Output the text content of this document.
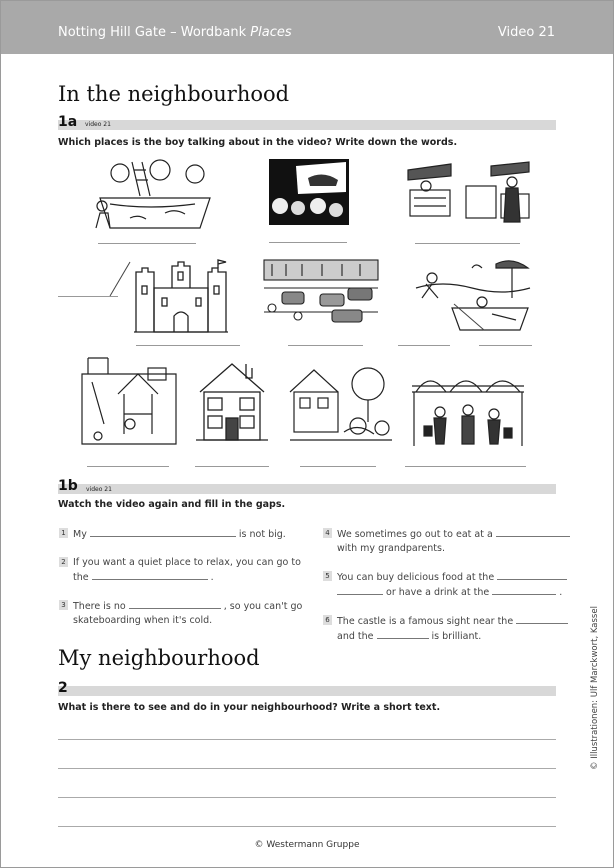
Notting Hill Gate – Wordbank Places	Video 21
In the neighbourhood
1a video 21
Which places is the boy talking about in the video? Write down the words.
1b video 21
Watch the video again and fill in the gaps.
1 My	is not big.
2 If you want a quiet place to relax, you can go to
the	.
3 There is no	, so you can't go
skateboarding when it's cold.
4 We sometimes go out to eat at a
with my grandparents.
5 You can buy delicious food at the
or have a drink at the	.
6 The castle is a famous sight near the
and the	is brilliant.
My neighbourhood
2
What is there to see and do in your neighbourhood? Write a short text.	© Illustrationen: Ulf Marckwort, Kassel
© Westermann Gruppe
